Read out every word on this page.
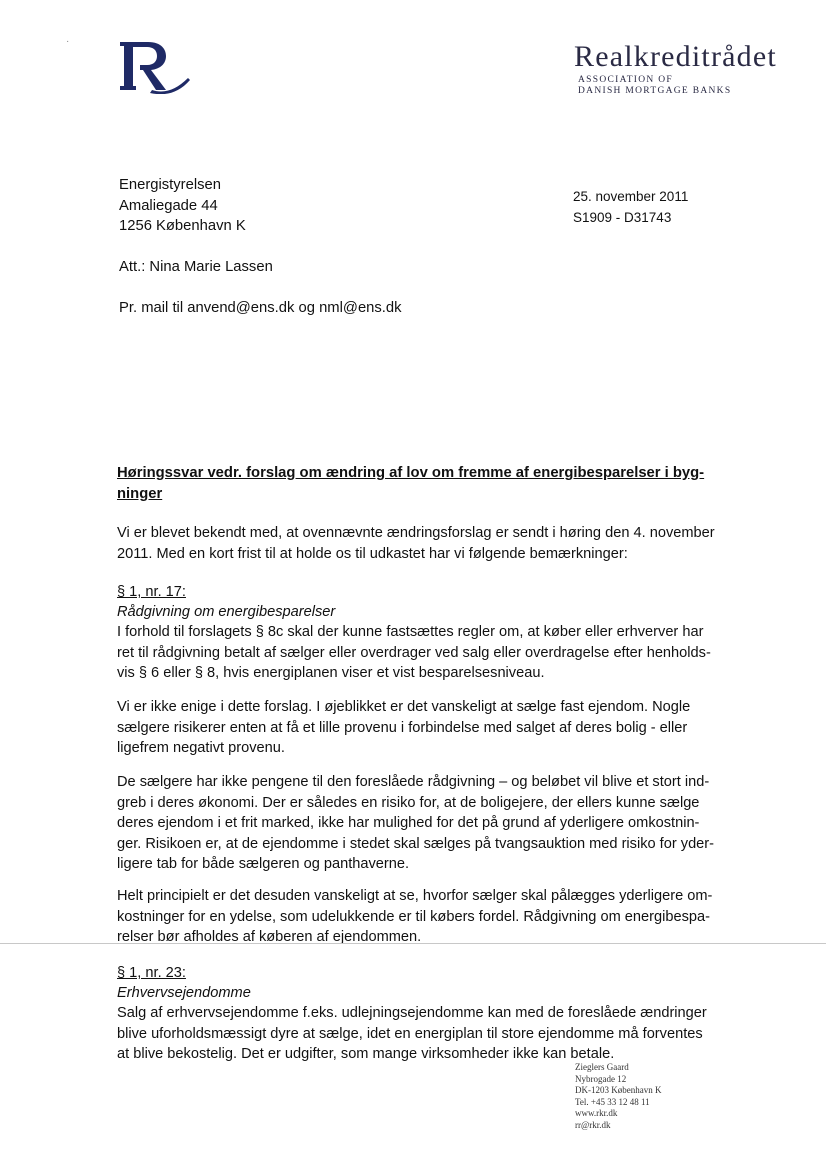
·	Realkreditrådet
ASSOCIATION OF
DANISH MORTGAGE BANKS
Energistyrelsen
Amaliegade 44
1256 København K
25. november 2011
S1909 - D31743
Att.: Nina Marie Lassen
Pr. mail til anvend@ens.dk og nml@ens.dk
Høringssvar vedr. forslag om ændring af lov om fremme af energibesparelser i byg-
ninger
Vi er blevet bekendt med, at ovennævnte ændringsforslag er sendt i høring den 4. november
2011. Med en kort frist til at holde os til udkastet har vi følgende bemærkninger:
§ 1, nr. 17:
Rådgivning om energibesparelser
I forhold til forslagets § 8c skal der kunne fastsættes regler om, at køber eller erhverver har
ret til rådgivning betalt af sælger eller overdrager ved salg eller overdragelse efter henholds-
vis § 6 eller § 8, hvis energiplanen viser et vist besparelsesniveau.
Vi er ikke enige i dette forslag. I øjeblikket er det vanskeligt at sælge fast ejendom. Nogle
sælgere risikerer enten at få et lille provenu i forbindelse med salget af deres bolig - eller
ligefrem negativt provenu.
De sælgere har ikke pengene til den foreslåede rådgivning – og beløbet vil blive et stort ind-
greb i deres økonomi. Der er således en risiko for, at de boligejere, der ellers kunne sælge
deres ejendom i et frit marked, ikke har mulighed for det på grund af yderligere omkostnin-
ger. Risikoen er, at de ejendomme i stedet skal sælges på tvangsauktion med risiko for yder-
ligere tab for både sælgeren og panthaverne.
Helt principielt er det desuden vanskeligt at se, hvorfor sælger skal pålægges yderligere om-
kostninger for en ydelse, som udelukkende er til købers fordel. Rådgivning om energibespa-
relser bør afholdes af køberen af ejendommen.
§ 1, nr. 23:
Erhvervsejendomme
Salg af erhvervsejendomme f.eks. udlejningsejendomme kan med de foreslåede ændringer
blive uforholdsmæssigt dyre at sælge, idet en energiplan til store ejendomme må forventes
at blive bekostelig. Det er udgifter, som mange virksomheder ikke kan betale.
Zieglers Gaard
Nybrogade 12
DK-1203 København K
Tel. +45 33 12 48 11
www.rkr.dk
rr@rkr.dk
